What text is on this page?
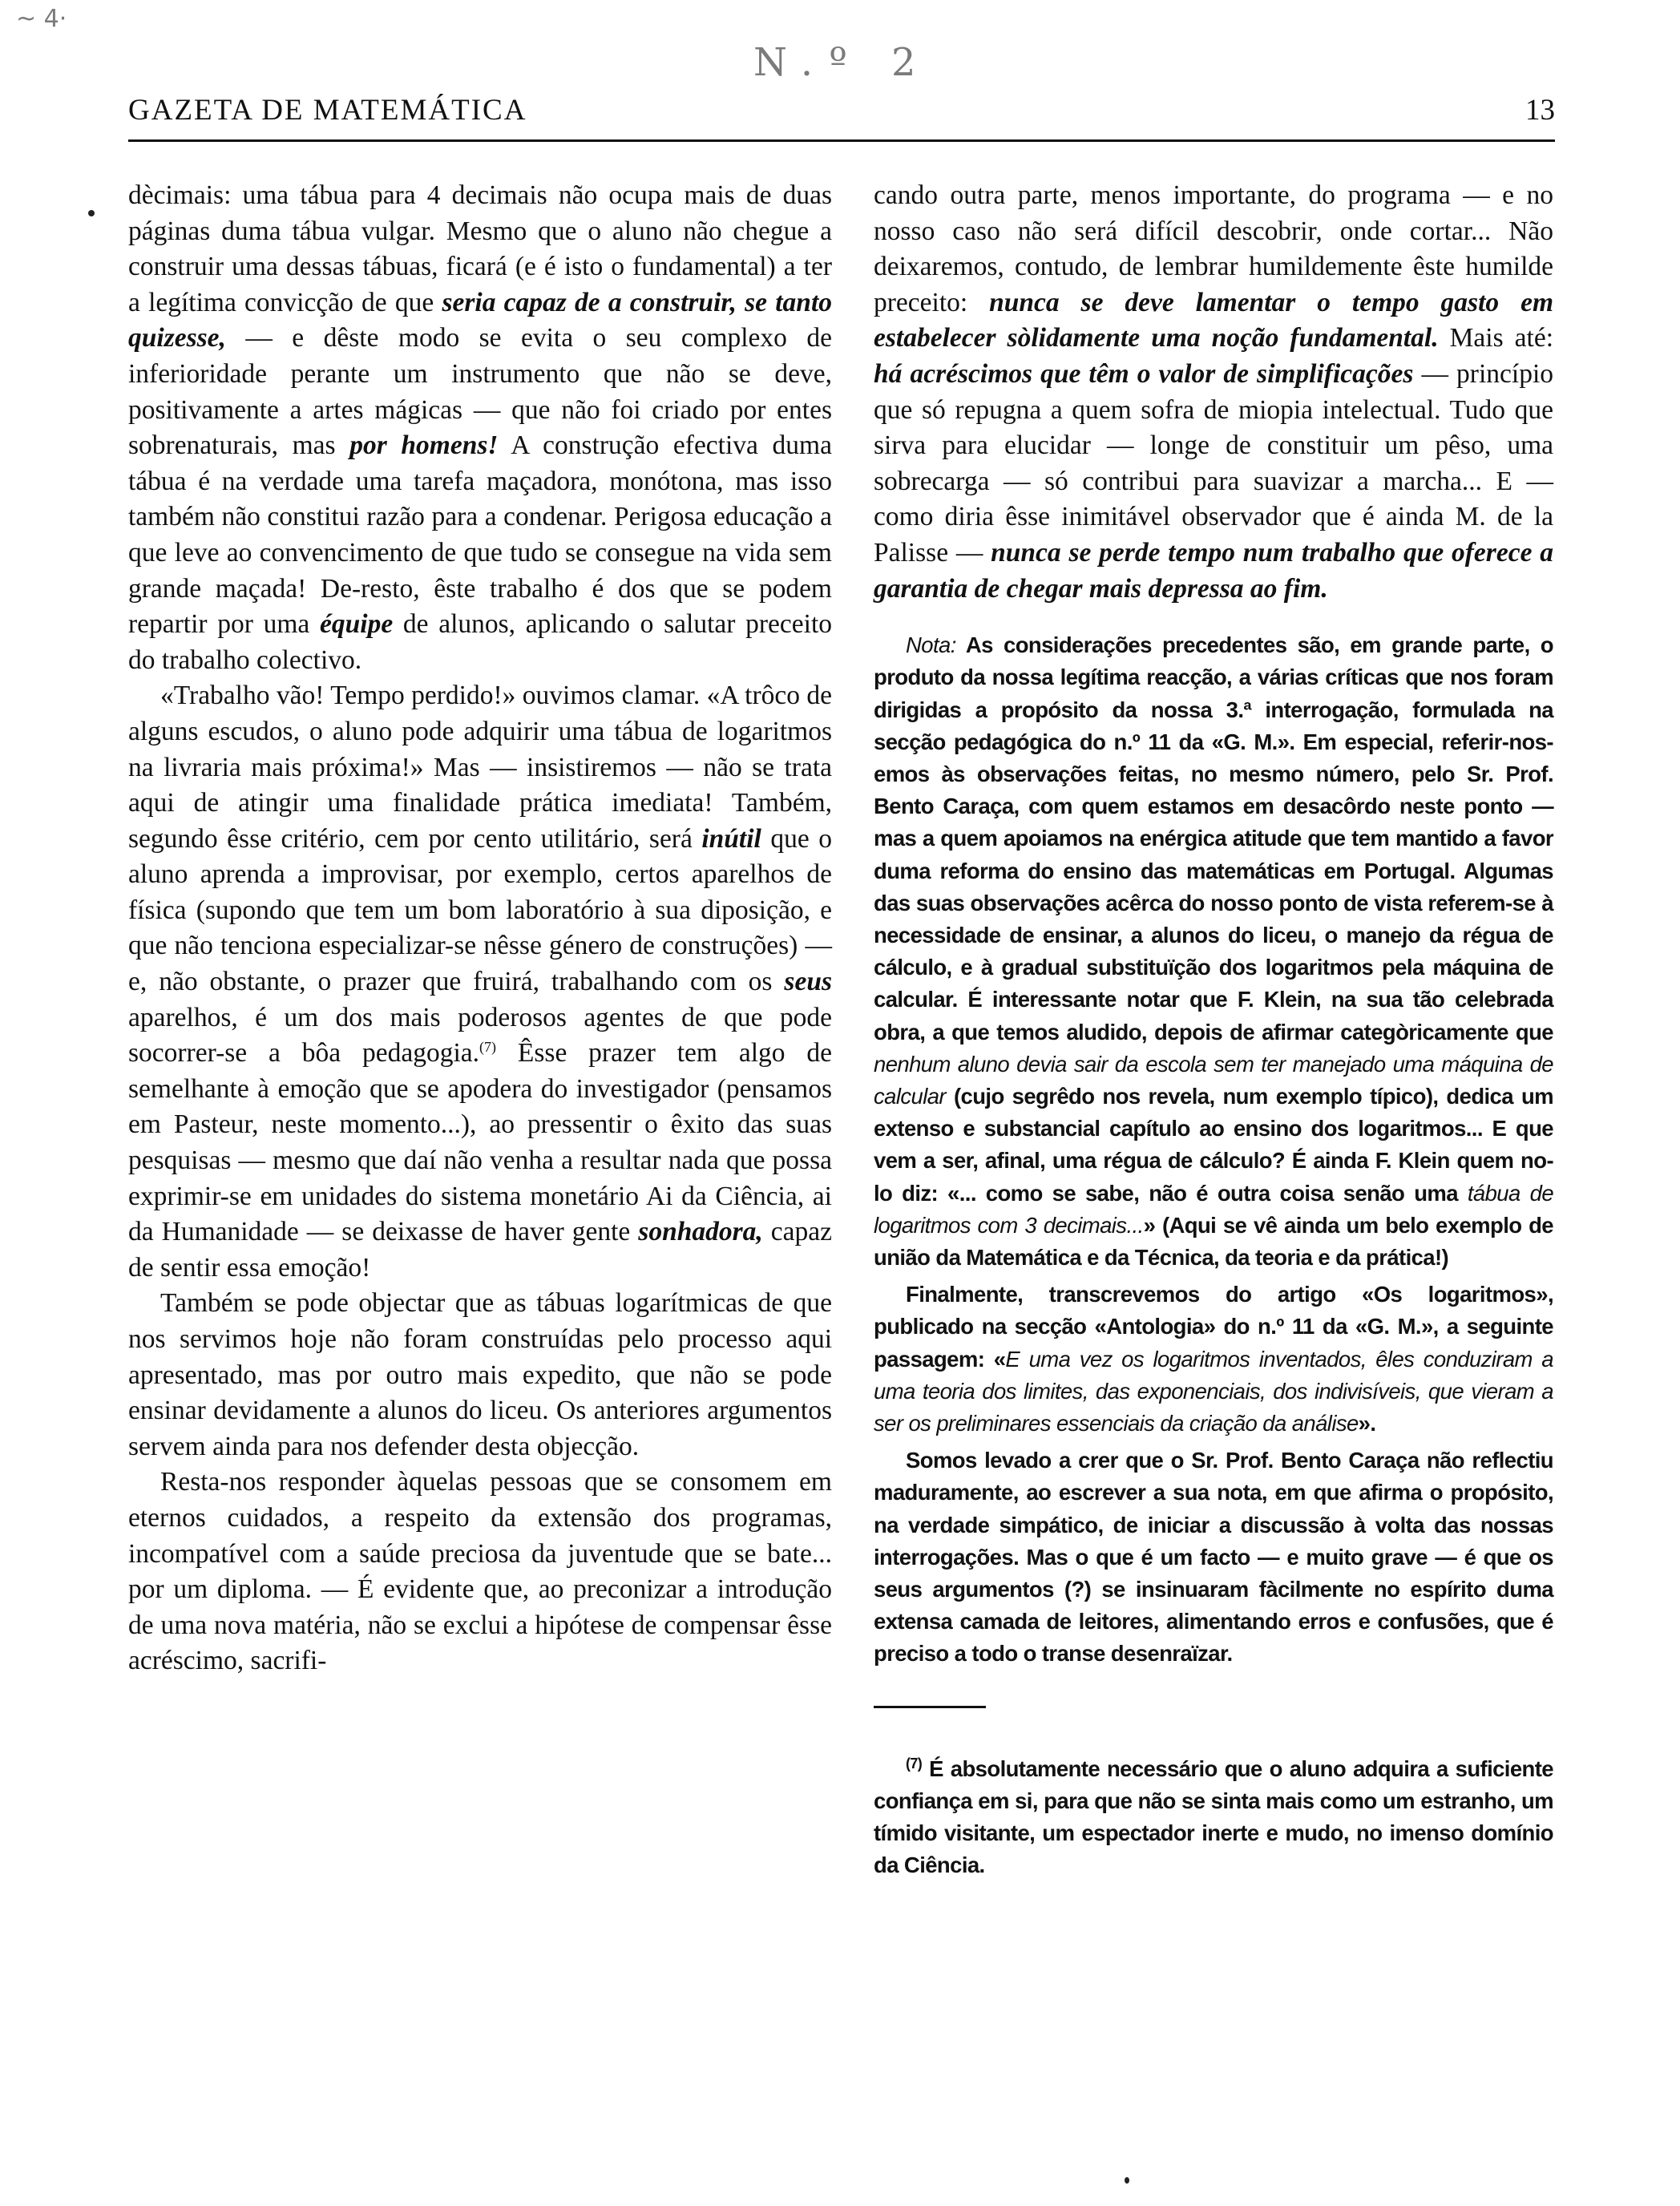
~ 4·
N.º 2
GAZETA DE MATEMÁTICA	13

dècimais: uma tábua para 4 decimais não ocupa mais de duas páginas duma tábua vulgar. Mesmo que o aluno não chegue a construir uma dessas tábuas, ficará (e é isto o fundamental) a ter a legítima convicção de que seria capaz de a construir, se tanto quizesse, — e dêste modo se evita o seu complexo de inferioridade perante um instrumento que não se deve, positivamente a artes mágicas — que não foi criado por entes sobrenaturais, mas por homens! A construção efectiva duma tábua é na verdade uma tarefa maçadora, monótona, mas isso também não constitui razão para a condenar. Perigosa educação a que leve ao convencimento de que tudo se consegue na vida sem grande maçada! De-resto, êste trabalho é dos que se podem repartir por uma équipe de alunos, aplicando o salutar preceito do trabalho colectivo.

«Trabalho vão! Tempo perdido!» ouvimos clamar. «A trôco de alguns escudos, o aluno pode adquirir uma tábua de logaritmos na livraria mais próxima!» Mas — insistiremos — não se trata aqui de atingir uma finalidade prática imediata! Também, segundo êsse critério, cem por cento utilitário, será inútil que o aluno aprenda a improvisar, por exemplo, certos aparelhos de física (supondo que tem um bom laboratório à sua diposição, e que não tenciona especializar-se nêsse género de construções) — e, não obstante, o prazer que fruirá, trabalhando com os seus aparelhos, é um dos mais poderosos agentes de que pode socorrer-se a bôa pedagogia.$^{(7)}$ Êsse prazer tem algo de semelhante à emoção que se apodera do investigador (pensamos em Pasteur, neste momento...), ao pressentir o êxito das suas pesquisas — mesmo que daí não venha a resultar nada que possa exprimir-se em unidades do sistema monetário Ai da Ciência, ai da Humanidade — se deixasse de haver gente sonhadora, capaz de sentir essa emoção!

Também se pode objectar que as tábuas logarítmicas de que nos servimos hoje não foram construídas pelo processo aqui apresentado, mas por outro mais expedito, que não se pode ensinar devidamente a alunos do liceu. Os anteriores argumentos servem ainda para nos defender desta objecção.

Resta-nos responder àquelas pessoas que se consomem em eternos cuidados, a respeito da extensão dos programas, incompatível com a saúde preciosa da juventude que se bate... por um diploma. — É evidente que, ao preconizar a introdução de uma nova matéria, não se exclui a hipótese de compensar êsse acréscimo, sacrifi-

cando outra parte, menos importante, do programa — e no nosso caso não será difícil descobrir, onde cortar... Não deixaremos, contudo, de lembrar humildemente êste humilde preceito: nunca se deve lamentar o tempo gasto em estabelecer sòlidamente uma noção fundamental. Mais até: há acréscimos que têm o valor de simplificações — princípio que só repugna a quem sofra de miopia intelectual. Tudo que sirva para elucidar — longe de constituir um pêso, uma sobrecarga — só contribui para suavizar a marcha... E — como diria êsse inimitável observador que é ainda M. de la Palisse — nunca se perde tempo num trabalho que oferece a garantia de chegar mais depressa ao fim.

Nota: As considerações precedentes são, em grande parte, o produto da nossa legítima reacção, a várias críticas que nos foram dirigidas a propósito da nossa 3.ª interrogação, formulada na secção pedagógica do n.º 11 da «G. M.». Em especial, referir-nos-emos às observações feitas, no mesmo número, pelo Sr. Prof. Bento Caraça, com quem estamos em desacôrdo neste ponto — mas a quem apoiamos na enérgica atitude que tem mantido a favor duma reforma do ensino das matemáticas em Portugal. Algumas das suas observações acêrca do nosso ponto de vista referem-se à necessidade de ensinar, a alunos do liceu, o manejo da régua de cálculo, e à gradual substituïção dos logaritmos pela máquina de calcular. É interessante notar que F. Klein, na sua tão celebrada obra, a que temos aludido, depois de afirmar categòricamente que nenhum aluno devia sair da escola sem ter manejado uma máquina de calcular (cujo segrêdo nos revela, num exemplo típico), dedica um extenso e substancial capítulo ao ensino dos logaritmos... E que vem a ser, afinal, uma régua de cálculo? É ainda F. Klein quem no-lo diz: «... como se sabe, não é outra coisa senão uma tábua de logaritmos com 3 decimais...» (Aqui se vê ainda um belo exemplo de união da Matemática e da Técnica, da teoria e da prática!)

Finalmente, transcrevemos do artigo «Os logaritmos», publicado na secção «Antologia» do n.º 11 da «G. M.», a seguinte passagem: «E uma vez os logaritmos inventados, êles conduziram a uma teoria dos limites, das exponenciais, dos indivisíveis, que vieram a ser os preliminares essenciais da criação da análise».

Somos levado a crer que o Sr. Prof. Bento Caraça não reflectiu maduramente, ao escrever a sua nota, em que afirma o propósito, na verdade simpático, de iniciar a discussão à volta das nossas interrogações. Mas o que é um facto — e muito grave — é que os seus argumentos (?) se insinuaram fàcilmente no espírito duma extensa camada de leitores, alimentando erros e confusões, que é preciso a todo o transe desenraïzar.

$^{(7)}$ É absolutamente necessário que o aluno adquira a suficiente confiança em si, para que não se sinta mais como um estranho, um tímido visitante, um espectador inerte e mudo, no imenso domínio da Ciência.
